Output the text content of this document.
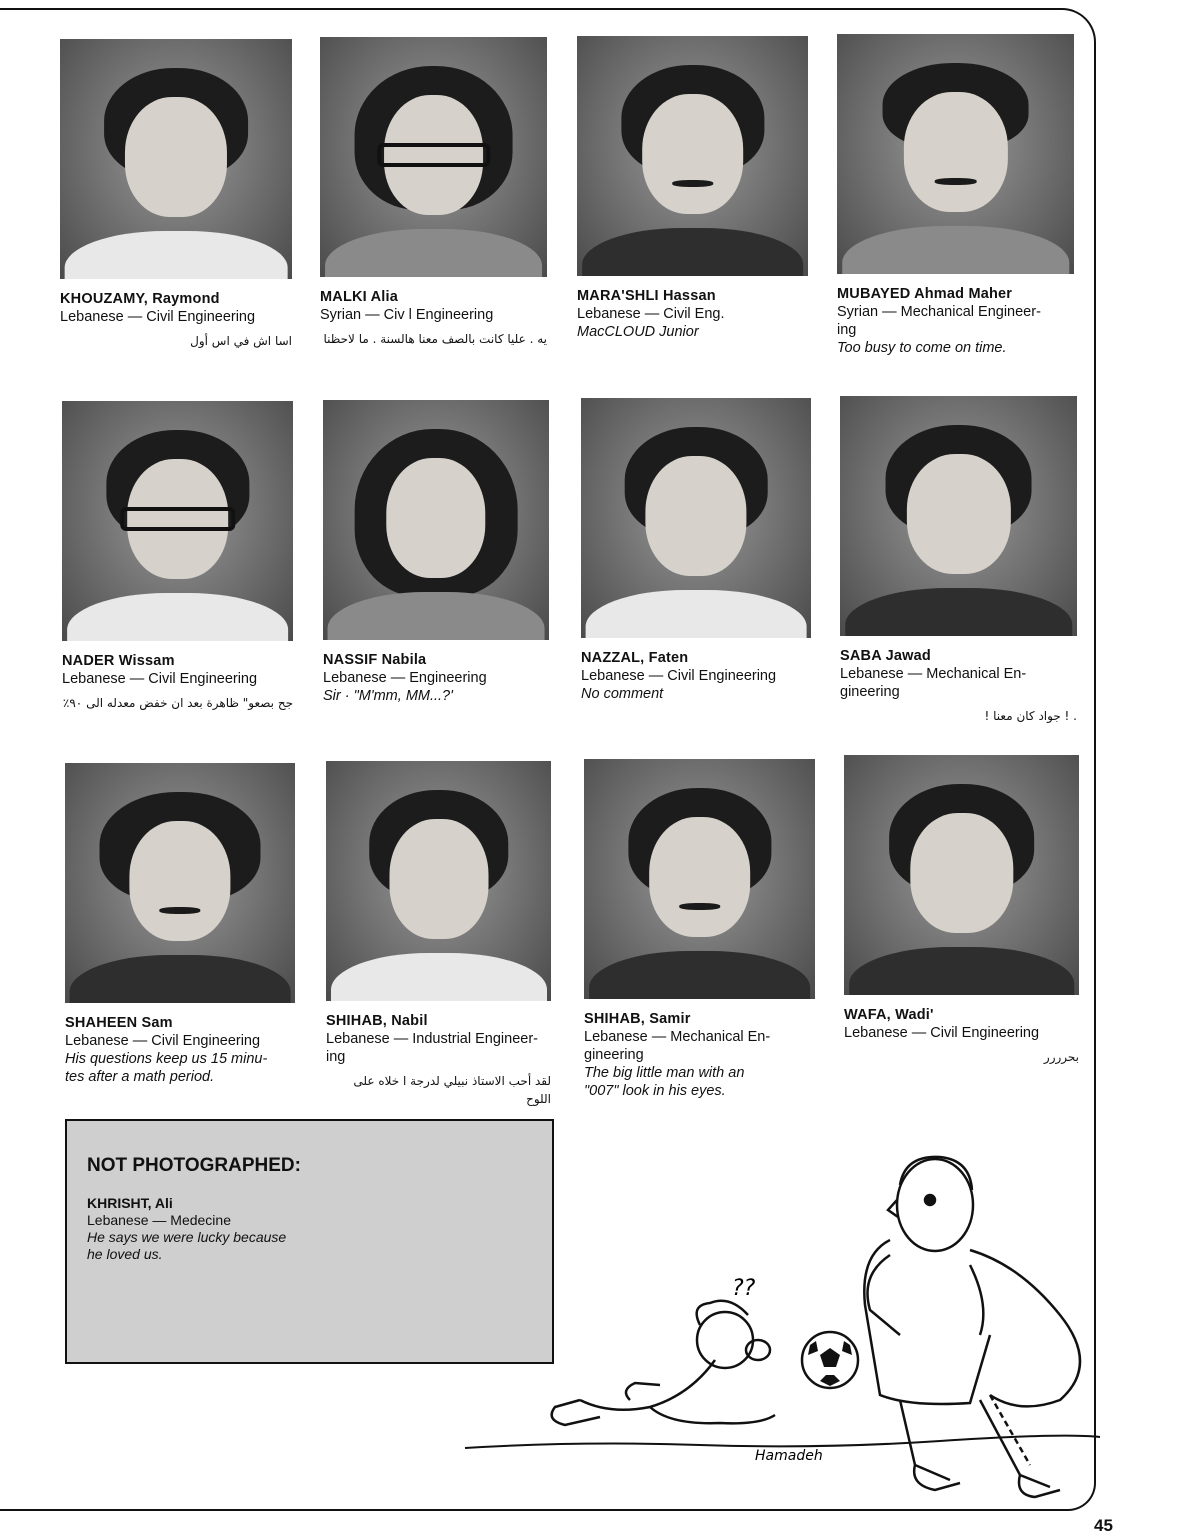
KHOUZAMY, Raymond
Lebanese — Civil Engineering
اسا اش في اس أول
MALKI Alia
Syrian — Civ l Engineering
يه . عليا كانت بالصف معنا هالسنة . ما لاحظنا
MARA'SHLI Hassan
Lebanese — Civil Eng.
MacCLOUD Junior
MUBAYED Ahmad Maher
Syrian — Mechanical Engineer-
ing
Too busy to come on time.
NADER Wissam
Lebanese — Civil Engineering
جح بصعو" ظاهرة بعد ان خفض معدله الى ٩٠٪
NASSIF Nabila
Lebanese — Engineering
Sir · "M'mm, MM...?'
NAZZAL, Faten
Lebanese — Civil Engineering
No comment
SABA Jawad
Lebanese — Mechanical En-
gineering
. ! جواد كان معنا !
SHAHEEN Sam
Lebanese — Civil Engineering
His questions keep us 15 minu-
tes after a math period.
SHIHAB, Nabil
Lebanese — Industrial Engineer-
ing
لقد أحب الاستاذ نبيلي لدرجة ا خلاه على اللوح
SHIHAB, Samir
Lebanese — Mechanical En-
gineering
The big little man with an
"007" look in his eyes.
WAFA, Wadi'
Lebanese — Civil Engineering
بحرررر
NOT PHOTOGRAPHED:
KHRISHT, Ali
Lebanese — Medecine
He says we were lucky because
he loved us.
??
Hamadeh
45
